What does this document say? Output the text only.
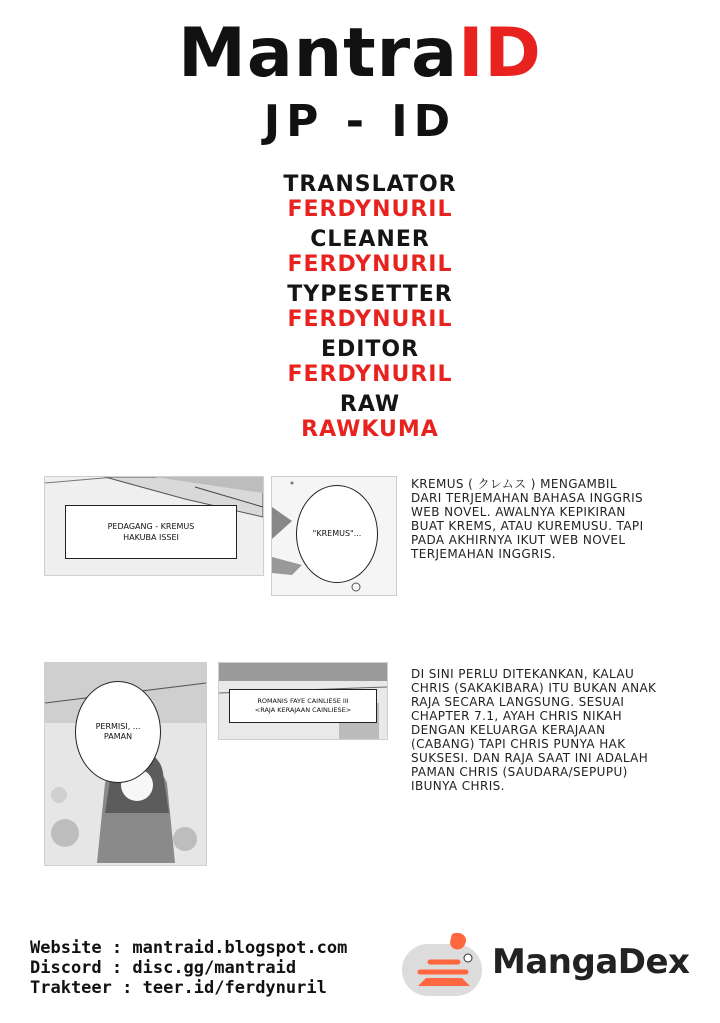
MantraID
JP - ID
TRANSLATOR
FERDYNURIL
CLEANER
FERDYNURIL
TYPESETTER
FERDYNURIL
EDITOR
FERDYNURIL
RAW
RAWKUMA
PEDAGANG - KREMUS
HAKUBA ISSEI	"KREMUS"...
KREMUS ( クレムス ) MENGAMBIL DARI TERJEMAHAN BAHASA INGGRIS WEB NOVEL. AWALNYA KEPIKIRAN BUAT KREMS, ATAU KUREMUSU. TAPI PADA AKHIRNYA IKUT WEB NOVEL TERJEMAHAN INGGRIS.
PERMISI, ...
PAMAN
ROMANIS FAYE CAINLIESE III
<RAJA KERAJAAN CAINLIESE>
DI SINI PERLU DITEKANKAN, KALAU CHRIS (SAKAKIBARA) ITU BUKAN ANAK RAJA SECARA LANGSUNG. SESUAI CHAPTER 7.1, AYAH CHRIS NIKAH DENGAN KELUARGA KERAJAAN (CABANG) TAPI CHRIS PUNYA HAK SUKSESI. DAN RAJA SAAT INI ADALAH PAMAN CHRIS (SAUDARA/SEPUPU) IBUNYA CHRIS.
Website : mantraid.blogspot.com
Discord : disc.gg/mantraid
Trakteer : teer.id/ferdynuril
MangaDex
